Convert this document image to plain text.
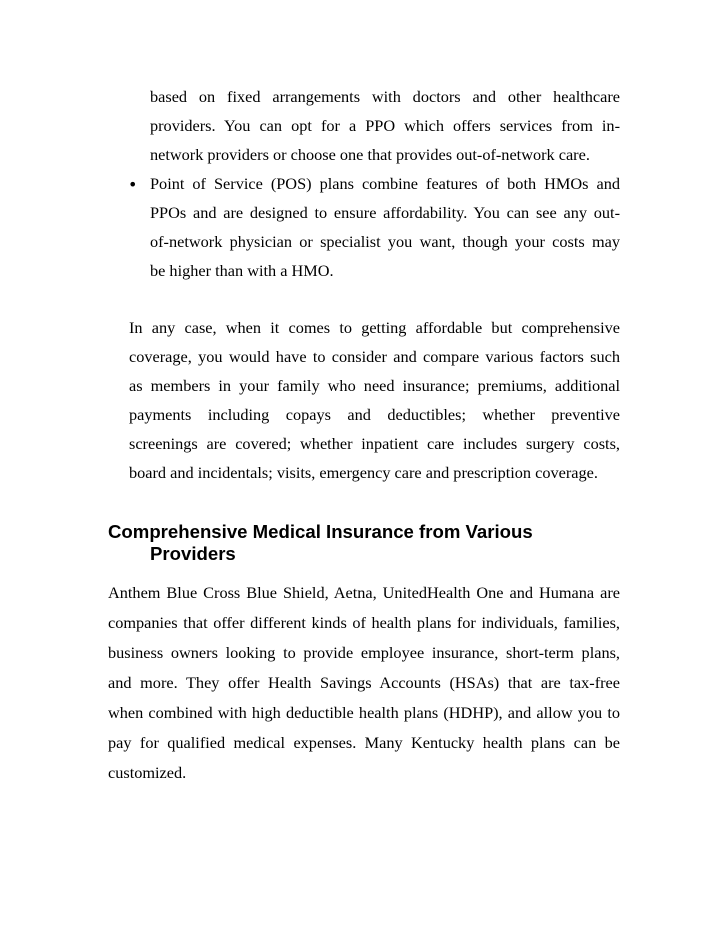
based on fixed arrangements with doctors and other healthcare
providers. You can opt for a PPO which offers services from in-
network providers or choose one that provides out-of-network care.
• Point of Service (POS) plans combine features of both HMOs and
PPOs and are designed to ensure affordability. You can see any out-
of-network physician or specialist you want, though your costs may
be higher than with a HMO.
In any case, when it comes to getting affordable but comprehensive
coverage, you would have to consider and compare various factors such
as members in your family who need insurance; premiums, additional
payments including copays and deductibles; whether preventive
screenings are covered; whether inpatient care includes surgery costs,
board and incidentals; visits, emergency care and prescription coverage.
Comprehensive Medical Insurance from Various
Providers
Anthem Blue Cross Blue Shield, Aetna, UnitedHealth One and Humana are
companies that offer different kinds of health plans for individuals, families,
business owners looking to provide employee insurance, short-term plans,
and more. They offer Health Savings Accounts (HSAs) that are tax-free
when combined with high deductible health plans (HDHP), and allow you to
pay for qualified medical expenses. Many Kentucky health plans can be
customized.
